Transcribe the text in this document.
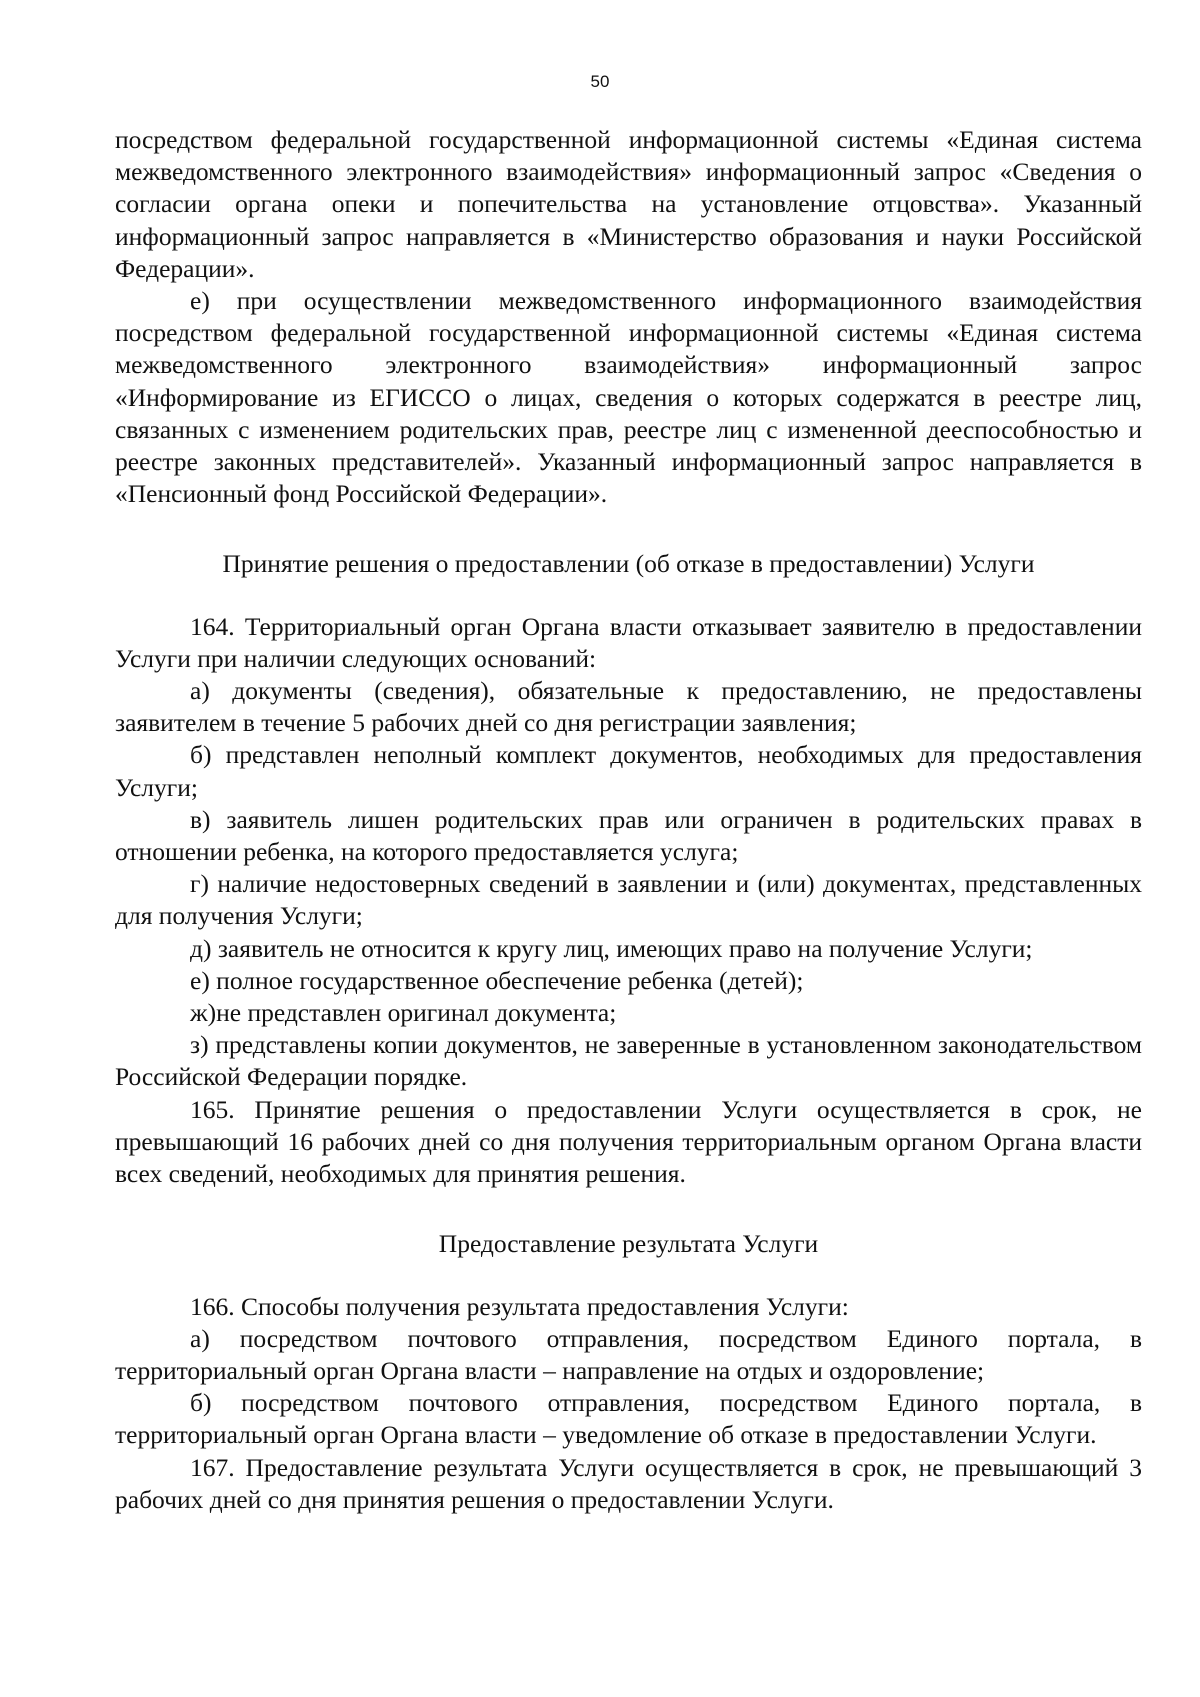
50

посредством федеральной государственной информационной системы «Единая система межведомственного электронного взаимодействия» информационный запрос «Сведения о согласии органа опеки и попечительства на установление отцовства». Указанный информационный запрос направляется в «Министерство образования и науки Российской Федерации».

е) при осуществлении межведомственного информационного взаимодействия посредством федеральной государственной информационной системы «Единая система межведомственного электронного взаимодействия» информационный запрос «Информирование из ЕГИССО о лицах, сведения о которых содержатся в реестре лиц, связанных с изменением родительских прав, реестре лиц с измененной дееспособностью и реестре законных представителей». Указанный информационный запрос направляется в «Пенсионный фонд Российской Федерации».

Принятие решения о предоставлении (об отказе в предоставлении) Услуги

164. Территориальный орган Органа власти отказывает заявителю в предоставлении Услуги при наличии следующих оснований:

а) документы (сведения), обязательные к предоставлению, не предоставлены заявителем в течение 5 рабочих дней со дня регистрации заявления;

б) представлен неполный комплект документов, необходимых для предоставления Услуги;

в) заявитель лишен родительских прав или ограничен в родительских правах в отношении ребенка, на которого предоставляется услуга;

г) наличие недостоверных сведений в заявлении и (или) документах, представленных для получения Услуги;

д) заявитель не относится к кругу лиц, имеющих право на получение Услуги;

е) полное государственное обеспечение ребенка (детей);

ж)не представлен оригинал документа;

з) представлены копии документов, не заверенные в установленном законодательством Российской Федерации порядке.

165. Принятие решения о предоставлении Услуги осуществляется в срок, не превышающий 16 рабочих дней со дня получения территориальным органом Органа власти всех сведений, необходимых для принятия решения.

Предоставление результата Услуги

166. Способы получения результата предоставления Услуги:

а) посредством почтового отправления, посредством Единого портала, в территориальный орган Органа власти – направление на отдых и оздоровление;

б) посредством почтового отправления, посредством Единого портала, в территориальный орган Органа власти – уведомление об отказе в предоставлении Услуги.

167. Предоставление результата Услуги осуществляется в срок, не превышающий 3 рабочих дней со дня принятия решения о предоставлении Услуги.
